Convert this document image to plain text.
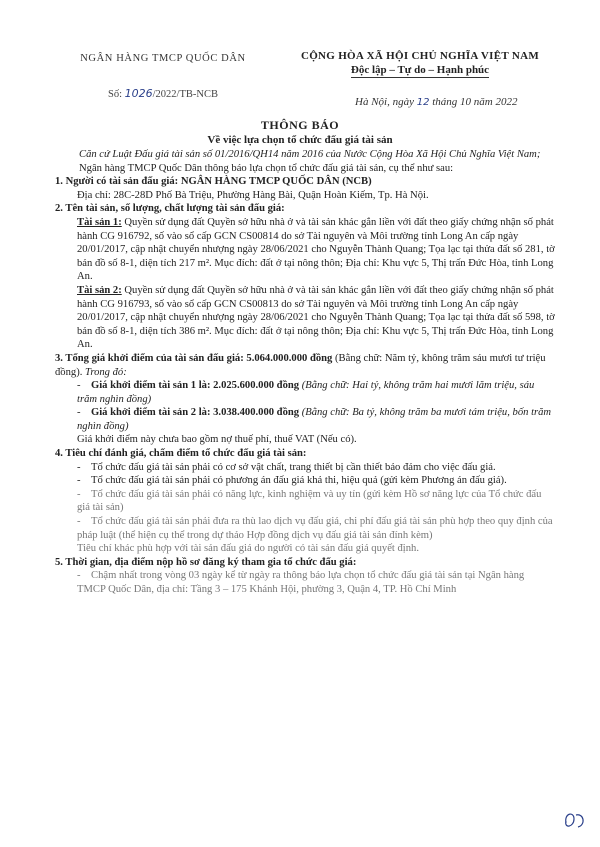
NGÂN HÀNG TMCP QUỐC DÂN
Số: 1026/2022/TB-NCB
CỘNG HÒA XÃ HỘI CHỦ NGHĨA VIỆT NAM
Độc lập – Tự do – Hạnh phúc
Hà Nội, ngày 12 tháng 10 năm 2022
THÔNG BÁO
Về việc lựa chọn tổ chức đấu giá tài sản

Căn cứ Luật Đấu giá tài sản số 01/2016/QH14 năm 2016 của Nước Cộng Hòa Xã Hội Chủ Nghĩa Việt Nam;

Ngân hàng TMCP Quốc Dân thông báo lựa chọn tổ chức đấu giá tài sản, cụ thể như sau:

1. Người có tài sản đấu giá: NGÂN HÀNG TMCP QUỐC DÂN (NCB)

Địa chỉ: 28C-28D Phố Bà Triệu, Phường Hàng Bài, Quận Hoàn Kiếm, Tp. Hà Nội.

2. Tên tài sản, số lượng, chất lượng tài sản đấu giá:

Tài sản 1: Quyền sử dụng đất Quyền sở hữu nhà ở và tài sản khác gắn liền với đất theo giấy chứng nhận số phát hành CG 916792, số vào sổ cấp GCN CS00814 do sở Tài nguyên và Môi trường tỉnh Long An cấp ngày 20/01/2017, cập nhật chuyển nhượng ngày 28/06/2021 cho Nguyễn Thành Quang; Tọa lạc tại thửa đất số 281, tờ bản đồ số 8-1, diện tích 217 m². Mục đích: đất ở tại nông thôn; Địa chỉ: Khu vực 5, Thị trấn Đức Hòa, tỉnh Long An.

Tài sản 2: Quyền sử dụng đất Quyền sở hữu nhà ở và tài sản khác gắn liền với đất theo giấy chứng nhận số phát hành CG 916793, số vào sổ cấp GCN CS00813 do sở Tài nguyên và Môi trường tỉnh Long An cấp ngày 20/01/2017, cập nhật chuyển nhượng ngày 28/06/2021 cho Nguyễn Thành Quang; Tọa lạc tại thửa đất số 598, tờ bản đồ số 8-1, diện tích 386 m². Mục đích: đất ở tại nông thôn; Địa chỉ: Khu vực 5, Thị trấn Đức Hòa, tỉnh Long An.

3. Tổng giá khởi điểm của tài sản đấu giá: 5.064.000.000 đồng (Bằng chữ: Năm tỷ, không trăm sáu mươi tư triệu đồng). Trong đó:

- Giá khởi điểm tài sản 1 là: 2.025.600.000 đồng (Bằng chữ: Hai tỷ, không trăm hai mươi lăm triệu, sáu trăm nghìn đồng)

- Giá khởi điểm tài sản 2 là: 3.038.400.000 đồng (Bằng chữ: Ba tỷ, không trăm ba mươi tám triệu, bốn trăm nghìn đồng)

Giá khởi điểm này chưa bao gồm nợ thuế phí, thuế VAT (Nếu có).

4. Tiêu chí đánh giá, chấm điểm tổ chức đấu giá tài sản:

- Tổ chức đấu giá tài sản phải có cơ sở vật chất, trang thiết bị cần thiết bảo đảm cho việc đấu giá.

- Tổ chức đấu giá tài sản phải có phương án đấu giá khả thi, hiệu quả (gửi kèm Phương án đấu giá).

- Tổ chức đấu giá tài sản phải có năng lực, kinh nghiệm và uy tín (gửi kèm Hồ sơ năng lực của Tổ chức đấu giá tài sản)

- Tổ chức đấu giá tài sản phải đưa ra thù lao dịch vụ đấu giá, chi phí đấu giá tài sản phù hợp theo quy định của pháp luật (thể hiện cụ thể trong dự thảo Hợp đồng dịch vụ đấu giá tài sản đính kèm)

Tiêu chí khác phù hợp với tài sản đấu giá do người có tài sản đấu giá quyết định.

5. Thời gian, địa điểm nộp hồ sơ đăng ký tham gia tổ chức đấu giá:

- Chậm nhất trong vòng 03 ngày kể từ ngày ra thông báo lựa chọn tổ chức đấu giá tài sản tại Ngân hàng TMCP Quốc Dân, địa chỉ: Tầng 3 – 175 Khánh Hội, phường 3, Quận 4, TP. Hồ Chí Minh
